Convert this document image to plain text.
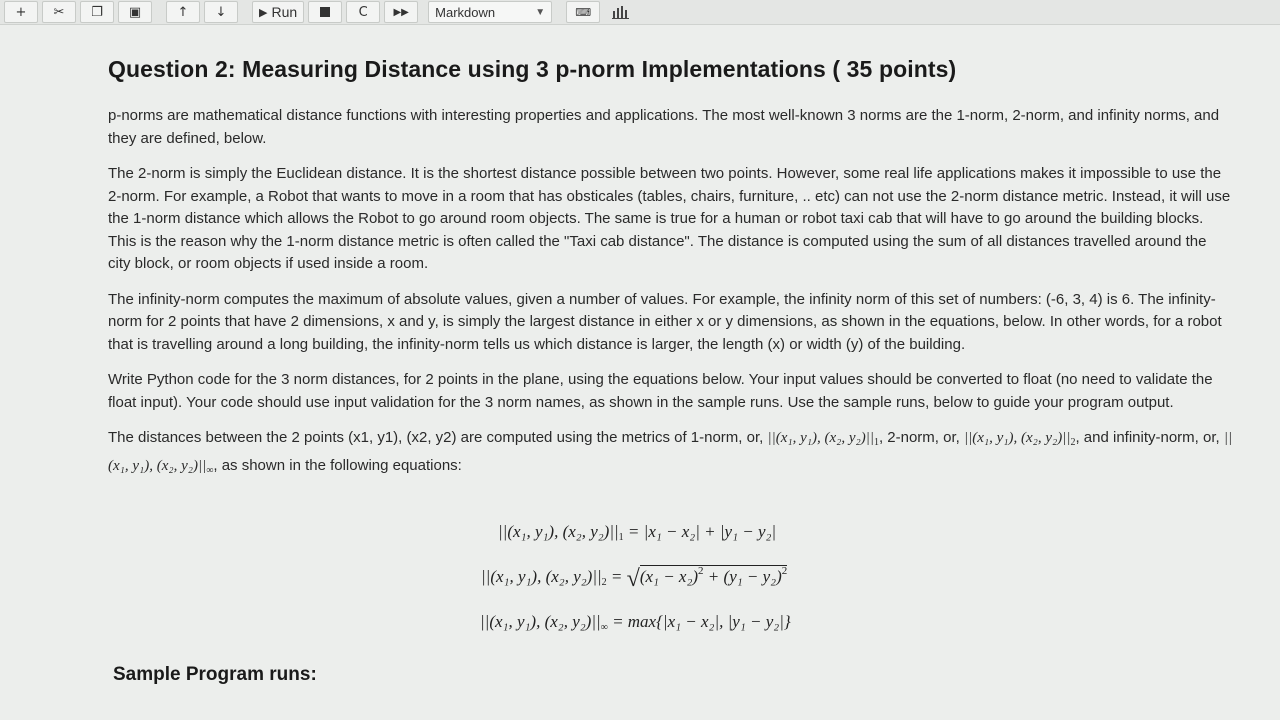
+ ✂ ❐ ▣	↑ ↓	▶ Run	C	▶▶ Markdown	▼	⌨
Question 2: Measuring Distance using 3 p-norm Implementations ( 35 points)

p-norms are mathematical distance functions with interesting properties and applications. The most well-known 3 norms are the 1-norm, 2-norm, and infinity norms, and they are defined, below.

The 2-norm is simply the Euclidean distance. It is the shortest distance possible between two points. However, some real life applications makes it impossible to use the 2-norm. For example, a Robot that wants to move in a room that has obsticales (tables, chairs, furniture, .. etc) can not use the 2-norm distance metric. Instead, it will use the 1-norm distance which allows the Robot to go around room objects. The same is true for a human or robot taxi cab that will have to go around the building blocks. This is the reason why the 1-norm distance metric is often called the "Taxi cab distance". The distance is computed using the sum of all distances travelled around the city block, or room objects if used inside a room.

The infinity-norm computes the maximum of absolute values, given a number of values. For example, the infinity norm of this set of numbers: (-6, 3, 4) is 6. The infinity-norm for 2 points that have 2 dimensions, x and y, is simply the largest distance in either x or y dimensions, as shown in the equations, below. In other words, for a robot that is travelling around a long building, the infinity-norm tells us which distance is larger, the length (x) or width (y) of the building.

Write Python code for the 3 norm distances, for 2 points in the plane, using the equations below. Your input values should be converted to float (no need to validate the float input). Your code should use input validation for the 3 norm names, as shown in the sample runs. Use the sample runs, below to guide your program output.

The distances between the 2 points (x1, y1), (x2, y2) are computed using the metrics of 1-norm, or, ||(x₁, y₁), (x₂, $y_2)||_1$, 2-norm, or, ||(x₁, y₁), (x₂, $y_2)||_2$, and infinity-norm, or, ||(x₁, y₁), (x₂, $y_2)||_\infty$, as shown in the following equations:

||(x₁, y₁), (x₂, $y_2)||_1 = |x_1 - x_2| + |y_1 - y_2|$
||(x₁, y₁), (x₂, $y_2)||_2 = √(x_1 - x_2)^2 + (y_1 - y_2)^2$
||(x₁, y₁), (x₂, $y_2)||_\infty = \max\{|x_1 - x_2|$, |y₁ − y₂|}
Sample Program runs:
